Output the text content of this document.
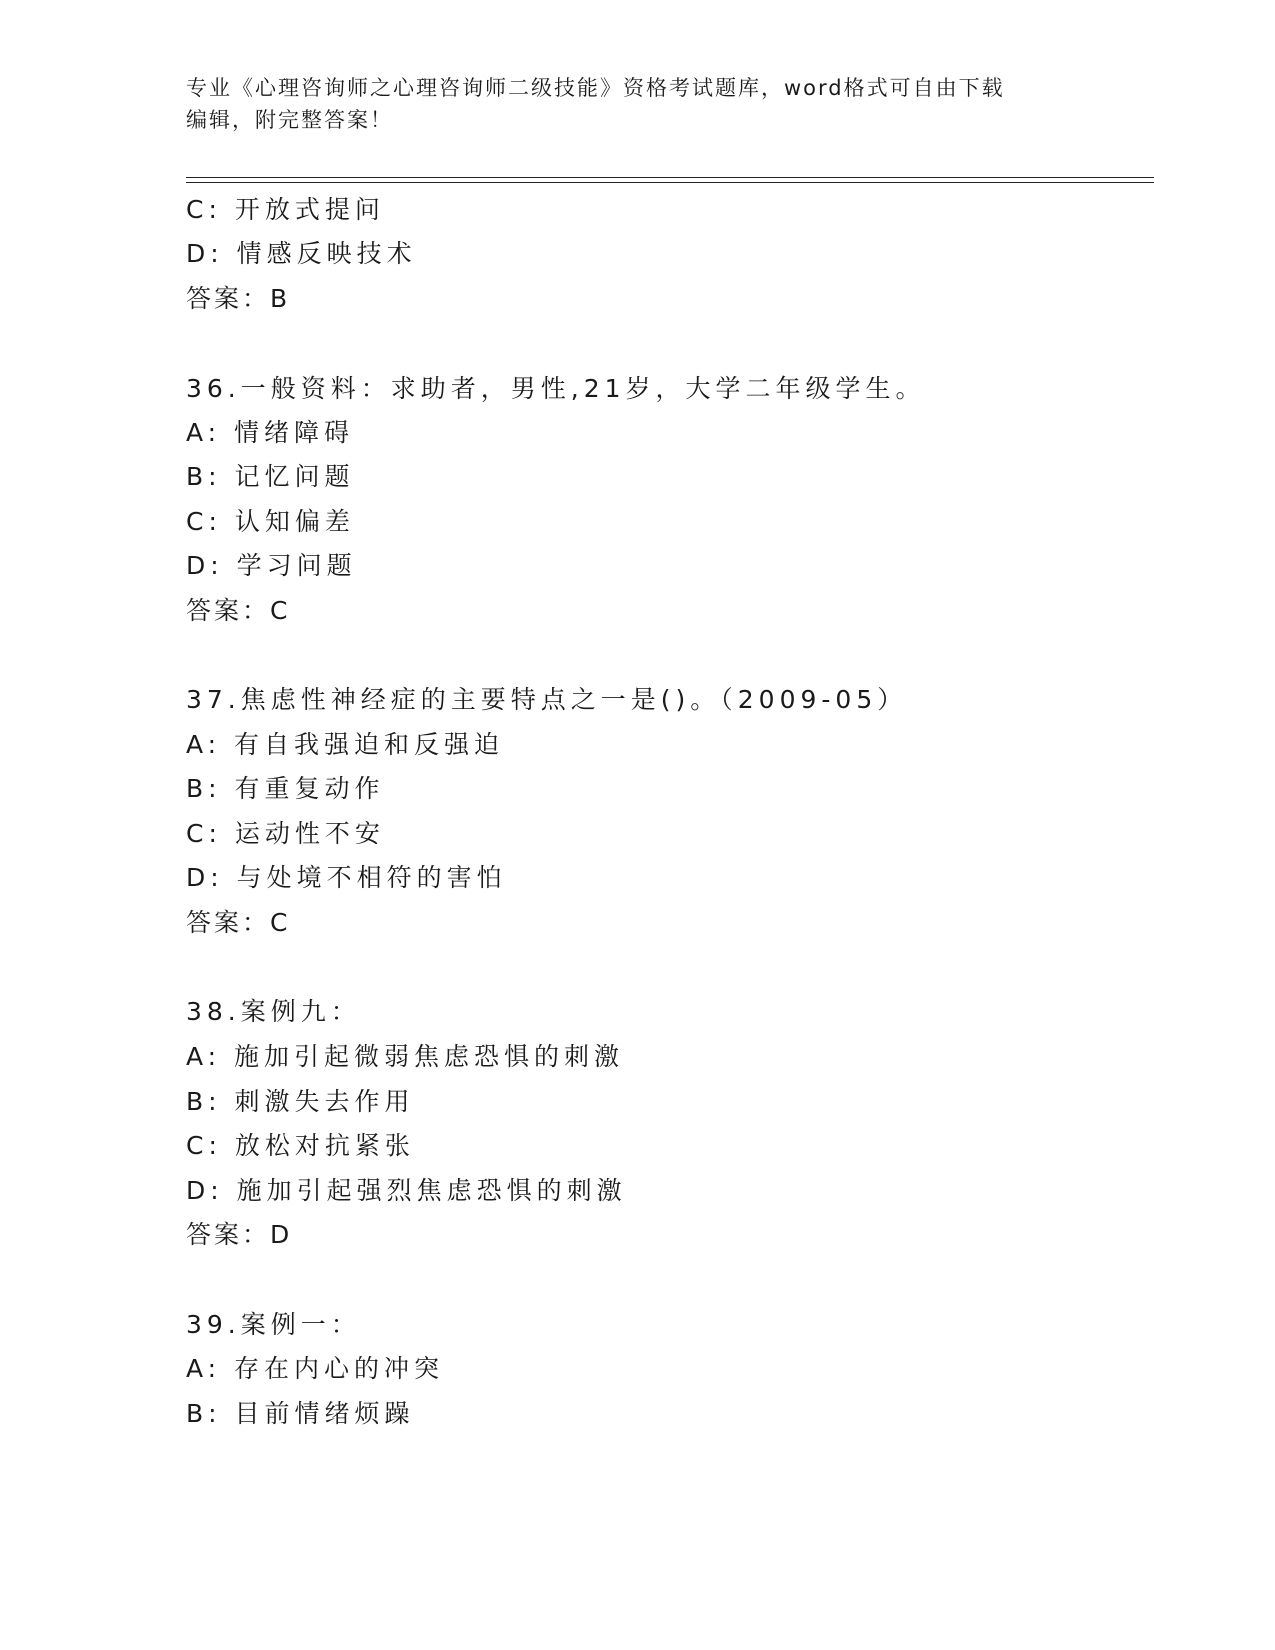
专业《心理咨询师之心理咨询师二级技能》资格考试题库，word格式可自由下载
编辑，附完整答案！
C: 开放式提问
D: 情感反映技术
答案：B
36.一般资料：求助者，男性,21岁，大学二年级学生。
A: 情绪障碍
B: 记忆问题
C: 认知偏差
D: 学习问题
答案：C
37.焦虑性神经症的主要特点之一是()。（2009-05）
A: 有自我强迫和反强迫
B: 有重复动作
C: 运动性不安
D: 与处境不相符的害怕
答案：C
38.案例九：
A: 施加引起微弱焦虑恐惧的刺激
B: 刺激失去作用
C: 放松对抗紧张
D: 施加引起强烈焦虑恐惧的刺激
答案：D
39.案例一：
A: 存在内心的冲突
B: 目前情绪烦躁
